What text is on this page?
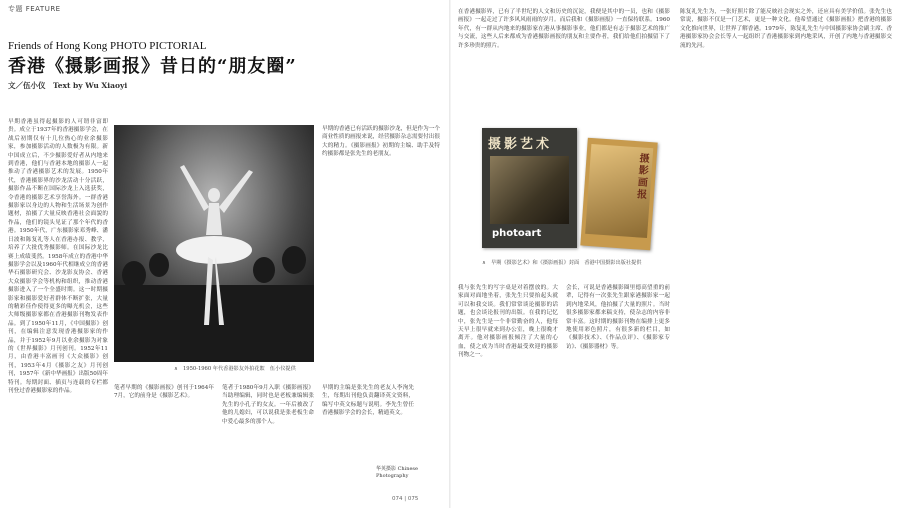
专题 FEATURE
Friends of Hong Kong PHOTO PICTORIAL
香港《摄影画报》昔日的“朋友圈”
文／伍小仪　Text by Wu Xiaoyi
早期香港虽得起摄影的人可谓非富即贵。成立于1937年的香港摄影学会，在战后初期仅有十几位热心的业余摄影家，参加摄影活动的人数极为有限。新中国成立后，不少摄影爱好者从内地来到香港，他们与香港本地的摄影人一起推动了香港摄影艺术的发展。1950年代，香港摄影界的沙龙活动十分活跃，摄影作品不断在国际沙龙上入选获奖，令香港的摄影艺术享誉海外。一群香港摄影家以身边的人物和生活场景为创作题材，拍摄了大量反映香港社会面貌的作品，他们的镜头见证了那个年代的香港。1950年代，广东摄影家邓秀峰、潘日波和陈复礼等人在香港办报、教学，培养了大批优秀摄影师。在国际沙龙比赛上成绩斐然。1958年成立的香港中华摄影学会以及1960年代相继成立的香港华石摄影研究会、沙龙影友协会、香港大众摄影学会等机构和组织，推动香港摄影进入了一个全盛时期。这一时期摄影家和摄影爱好者群体不断扩张，大量的精彩佳作使得更多的曝光机会，这些大师级摄影家都在香港摄影刊物发表作品。到了1950年11月，《中国摄影》创刊，在编辑注意发现香港摄影家的作品，并于1952年9月以业余摄影为对象的《世界摄影》月刊创刊。1952年11月，由香港丰富画刊《大众摄影》创刊，1953年4月《摄影之友》月刊创刊，1957年《新中华画报》出版50周年特刊。每期封面、插页与连载的专栏都刊登过香港摄影家的作品。
∧　1950-1960 年代香港影友外拍花絮　伍小仪提供
笔者早期的《摄影画报》创刊于1964年7月，它的前身是《摄影艺术》。
笔者于1980年9月入职《摄影画报》当助理编辑，同时也是老板兼编辑张先生的小孔子的女友。一年后被改了他的儿媳妇，可以说我是张老板生命中爱心最多的那个人。
早期的主编是张先生的老友人李洵先生，每期出刊他负责翻译英文资料，编写中英文标题与说明。李先生曾任香港摄影学会的会长，精通英文。
华英摄影 Chinese Photography
早期的香港已有活跃的摄影沙龙，但是作为一个商业性质的画报来说，经营摄影杂志需要付出很大的精力。《摄影画报》初期的主编、助手及特约摄影都是张先生的老朋友。
074 | 075
摄影艺术
photoart
摄影画报
∧　早期《摄影艺术》和《摄影画报》封面　香港中国摄影出版社提供
在香港摄影界，已有了半世纪的人文和历史的沉淀，我便是其中的一员，也和《摄影画报》一起走过了许多风风雨雨的岁月。而后我和《摄影画报》一直保持联系。1960年代，有一群从内地来的摄影家在港从事摄影事业，他们都是有志于摄影艺术的推广与交流，这些人后来都成为香港摄影画报的朋友和主要作者，我们给他们拍摄留下了许多珍贵的照片。
我与张先生的写字桌是对着摆放的。大家面对面地坐着，张先生只要抬起头就可以和我交谈。我们常常谈论摄影的话题，也会谈论报刊的出版。在我的记忆中，张先生是一个非常勤奋的人，他每天早上很早就来到办公室，晚上很晚才离开。他对摄影画报倾注了大量的心血，使之成为当时香港最受欢迎的摄影刊物之一。
会长，可说是香港摄影圈里德高望重的前辈，记得有一次张先生跟家港摄影家一起到内地采风，他拍摄了大量的照片。当时很多摄影家都来稿支持，使杂志的内容非常丰富。这时期的摄影刊物在编排上更多地使用彩色照片，有很多新的栏目，如《摄影技术》、《作品点评》、《摄影家专访》、《摄影器材》等。
陈复礼先生为，一张好照片除了能反映社会现实之外，还应具有美学价值。张先生也常说，摄影不仅是一门艺术，更是一种文化。他希望通过《摄影画报》把香港的摄影文化推向世界，让世界了解香港。1979年，陈复礼先生与中国摄影家协会副主席、香港摄影家协会会长等人一起组织了香港摄影家到内地采风，开创了内地与香港摄影交流的先河。
